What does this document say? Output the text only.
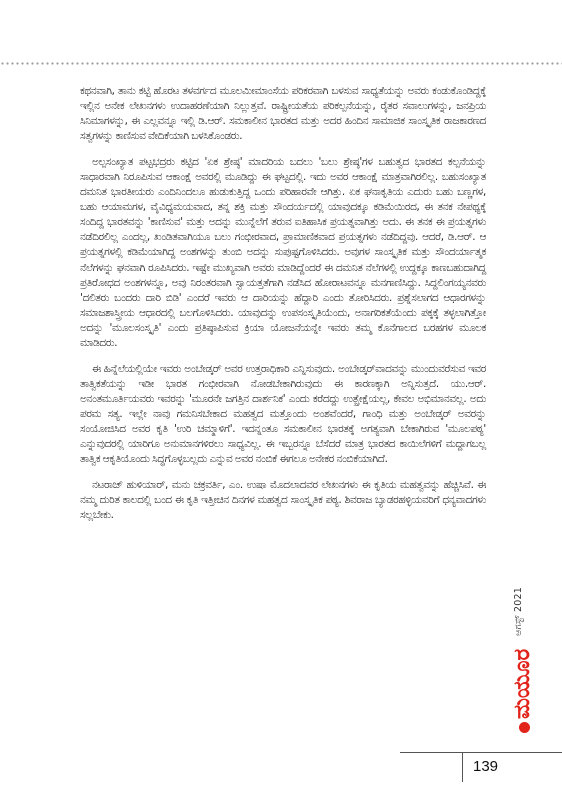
ಕಥನವಾಗಿ, ತಾನು ಕಟ್ಟಿ ಹೊರಟ ತಳವರ್ಗದ ಮೂಲಮೀಮಾಂಸೆಯ ಪರಿಕರವಾಗಿ ಬಳಸುವ ಸಾಧ್ಯತೆಯನ್ನು ಅವರು ಕಂಡುಕೊಂಡಿದ್ದಕ್ಕೆ ಇಲ್ಲಿನ ಅನೇಕ ಲೇಖನಗಳು ಉದಾಹರಣೆಯಾಗಿ ನಿಲ್ಲುತ್ತವೆ. ರಾಷ್ಟ್ರೀಯತೆಯ ಪರಿಕಲ್ಪನೆಯನ್ನು, ರೈತರ ಸವಾಲುಗಳನ್ನು, ಜನಪ್ರಿಯ ಸಿನಿಮಾಗಳನ್ನು, ಈ ಎಲ್ಲವನ್ನೂ ಇಲ್ಲಿ ಡಿ.ಆರ್. ಸಮಕಾಲೀನ ಭಾರತದ ಮತ್ತು ಅದರ ಹಿಂದಿನ ಸಾಮಾಜಿಕ ಸಾಂಸ್ಕೃತಿಕ ರಾಜಕಾರಣದ ಸತ್ವಗಳನ್ನು ಕಾಣಿಸುವ ವೇದಿಕೆಯಾಗಿ ಬಳಸಿಕೊಂಡರು.

ಅಲ್ಪಸಂಖ್ಯಾತ ಪಟ್ಟಭದ್ರರು ಕಟ್ಟಿದ 'ಏಕ ಶ್ರೇಷ್ಠ' ಮಾದರಿಯ ಬದಲು 'ಬಲು ಶ್ರೇಷ್ಠ'ಗಳ ಬಹುತ್ವದ ಭಾರತದ ಕಲ್ಪನೆಯನ್ನು ಸಾಧಾರವಾಗಿ ನಿರೂಪಿಸುವ ಆಕಾಂಕ್ಷೆ ಅವರಲ್ಲಿ ಮೂಡಿದ್ದು ಈ ಘಟ್ಟದಲ್ಲಿ. ಇದು ಅವರ ಆಕಾಂಕ್ಷೆ ಮಾತ್ರವಾಗಿರಲಿಲ್ಲ. ಬಹುಸಂಖ್ಯಾತ ದಮನಿತ ಭಾರತೀಯರು ಎಂದಿನಿಂದಲೂ ಹುಡುಕುತ್ತಿದ್ದ ಒಂದು ಪರಿಹಾರವೇ ಆಗಿತ್ತು. ಏಕ ಘನಾಕೃತಿಯ ಎದುರು ಬಹು ಬಣ್ಣಗಳ, ಬಹು ಆಯಾಮಗಳ, ವೈವಿಧ್ಯಮಯವಾದ, ತನ್ನ ಶಕ್ತಿ ಮತ್ತು ಸೌಂದರ್ಯದಲ್ಲಿ ಯಾವುದಕ್ಕೂ ಕಡಿಮೆಯಿರದ, ಈ ತನಕ ನೇಪಥ್ಯಕ್ಕೆ ಸಂದಿದ್ದ ಭಾರತವನ್ನು 'ಕಾಣಿಸುವ' ಮತ್ತು ಅದನ್ನು ಮುನ್ನೆಲೆಗೆ ತರುವ ಐತಿಹಾಸಿಕ ಪ್ರಯತ್ನವಾಗಿತ್ತು ಅದು. ಈ ತನಕ ಈ ಪ್ರಯತ್ನಗಳು ನಡೆದಿರಲಿಲ್ಲ ಎಂದಲ್ಲ, ಖಂಡಿತವಾಗಿಯೂ ಬಲು ಗಂಭೀರವಾದ, ಪ್ರಾಮಾಣಿಕವಾದ ಪ್ರಯತ್ನಗಳು ನಡೆದಿದ್ದವು. ಆದರೆ, ಡಿ.ಆರ್. ಆ ಪ್ರಯತ್ನಗಳಲ್ಲಿ ಕಡಿಮೆಯಾಗಿದ್ದ ಅಂಶಗಳನ್ನು ತುಂಬಿ ಅದನ್ನು ಸುಪುಷ್ಟಗೊಳಿಸಿದರು. ಅವುಗಳ ಸಾಂಸ್ಕೃತಿಕ ಮತ್ತು ಸೌಂದರ್ಯಾತ್ಮಕ ನೆಲೆಗಳನ್ನು ಘನವಾಗಿ ರೂಪಿಸಿದರು. ಇಷ್ಟೇ ಮುಖ್ಯವಾಗಿ ಅವರು ಮಾಡಿದ್ದೆಂದರೆ ಈ ದಮನಿತ ನೆಲೆಗಳಲ್ಲಿ ಉದ್ದಕ್ಕೂ ಕಾಣಬಹುದಾಗಿದ್ದ ಪ್ರತಿರೋಧದ ಅಂಶಗಳನ್ನೂ, ಅವು ನಿರಂತರವಾಗಿ ಸ್ವಾಯತ್ತತೆಗಾಗಿ ನಡೆಸಿದ ಹೋರಾಟವನ್ನೂ ಮನಗಾಣಿಸಿದ್ದು. ಸಿದ್ದಲಿಂಗಯ್ಯನವರು 'ದಲಿತರು ಬಂದರು ದಾರಿ ಬಿಡಿ' ಎಂದರೆ ಇವರು ಆ ದಾರಿಯನ್ನು ಹೆದ್ದಾರಿ ಎಂದು ತೋರಿಸಿದರು. ಪ್ರಶ್ನೆಸಲಾಗದ ಆಧಾರಗಳನ್ನು ಸಮಾಜಶಾಸ್ತ್ರೀಯ ಆಧಾರದಲ್ಲಿ ಬಲಗೊಳಿಸಿದರು. ಯಾವುದನ್ನು ಉಪಸಂಸ್ಕೃತಿಯೆಂದು, ಅನಾಗರಿಕತೆಯೆಂದು ಪಕ್ಕಕ್ಕೆ ತಳ್ಳಲಾಗಿತ್ತೋ ಅದನ್ನು 'ಮೂಲಸಂಸ್ಕೃತಿ' ಎಂದು ಪ್ರತಿಷ್ಠಾಪಿಸುವ ಕ್ರಿಯಾ ಯೋಜನೆಯನ್ನೇ ಇವರು ತಮ್ಮ ಕೊನೆಗಾಲದ ಬರಹಗಳ ಮೂಲಕ ಮಾಡಿದರು.

ಈ ಹಿನ್ನೆಲೆಯಲ್ಲಿಯೇ ಇವರು ಅಂಬೇಡ್ಕರ್ ಅವರ ಉತ್ತರಾಧಿಕಾರಿ ಎನ್ನಿಸುವುದು. ಅಂಬೇಡ್ಕರ್‌ವಾದವನ್ನು ಮುಂದುವರೆಸುವ ಇವರ ತಾತ್ವಿಕತೆಯನ್ನು ಇಡೀ ಭಾರತ ಗಂಭೀರವಾಗಿ ನೋಡಬೇಕಾಗಿರುವುದು ಈ ಕಾರಣಕ್ಕಾಗಿ ಅನ್ನಿಸುತ್ತದೆ. ಯು.ಆರ್. ಅನಂತಮೂರ್ತಿಯವರು ಇವರನ್ನು 'ಮೂರನೇ ಜಗತ್ತಿನ ದಾರ್ಶನಿಕ' ಎಂದು ಕರೆದದ್ದು ಉತ್ಪ್ರೇಕ್ಷೆಯಲ್ಲ, ಕೇವಲ ಅಭಿಮಾನವಲ್ಲ. ಅದು ಪರಮ ಸತ್ಯ. ಇಲ್ಲೇ ನಾವು ಗಮನಿಸಬೇಕಾದ ಮಹತ್ವದ ಮತ್ತೊಂದು ಅಂಶವೆಂದರೆ, ಗಾಂಧಿ ಮತ್ತು ಅಂಬೇಡ್ಕರ್ ಅವರನ್ನು ಸಂಯೋಜಿಸಿದ ಅವರ ಕೃತಿ 'ಉರಿ ಚಮ್ಮಾಳಿಗೆ'. ಇದನ್ನಂತೂ ಸಮಕಾಲೀನ ಭಾರತಕ್ಕೆ ಅಗತ್ಯವಾಗಿ ಬೇಕಾಗಿರುವ 'ಮೂಲಪಠ್ಯ' ಎನ್ನುವುದರಲ್ಲಿ ಯಾರಿಗೂ ಅನುಮಾನಗಳಿರಲು ಸಾಧ್ಯವಿಲ್ಲ. ಈ ಇಬ್ಬರನ್ನೂ ಬೆಸೆದರೆ ಮಾತ್ರ ಭಾರತದ ಕಾಯಿಲೆಗಳಿಗೆ ಮದ್ದಾಗಬಲ್ಲ ತಾತ್ವಿಕ ಆಕೃತಿಯೊಂದು ಸಿದ್ಧಗೊಳ್ಳಬಲ್ಲದು ಎನ್ನುವ ಅವರ ನಂಬಿಕೆ ಈಗಲೂ ಅನೇಕರ ನಂಬಿಕೆಯಾಗಿದೆ.

ನಟರಾಜ್ ಹುಳಿಯಾರ್, ಮನು ಚಕ್ರವರ್ತಿ, ಎಂ. ಉಷಾ ಮೊದಲಾದವರ ಲೇಖನಗಳು ಈ ಕೃತಿಯ ಮಹತ್ವವನ್ನು ಹೆಚ್ಚಿಸಿವೆ. ಈ ನಮ್ಮ ದುರಿತ ಕಾಲದಲ್ಲಿ ಬಂದ ಈ ಕೃತಿ ಇತ್ತೀಚಿನ ದಿನಗಳ ಮಹತ್ವದ ಸಾಂಸ್ಕೃತಿಕ ಪಠ್ಯ. ಶಿವರಾಜ ಬ್ಯಾಡರಹಳ್ಳಿಯವರಿಗೆ ಧನ್ಯವಾದಗಳು ಸಲ್ಲಬೇಕು.

ಆಗಸ್ಟ್ 2021
ಮಯೂರ
139
